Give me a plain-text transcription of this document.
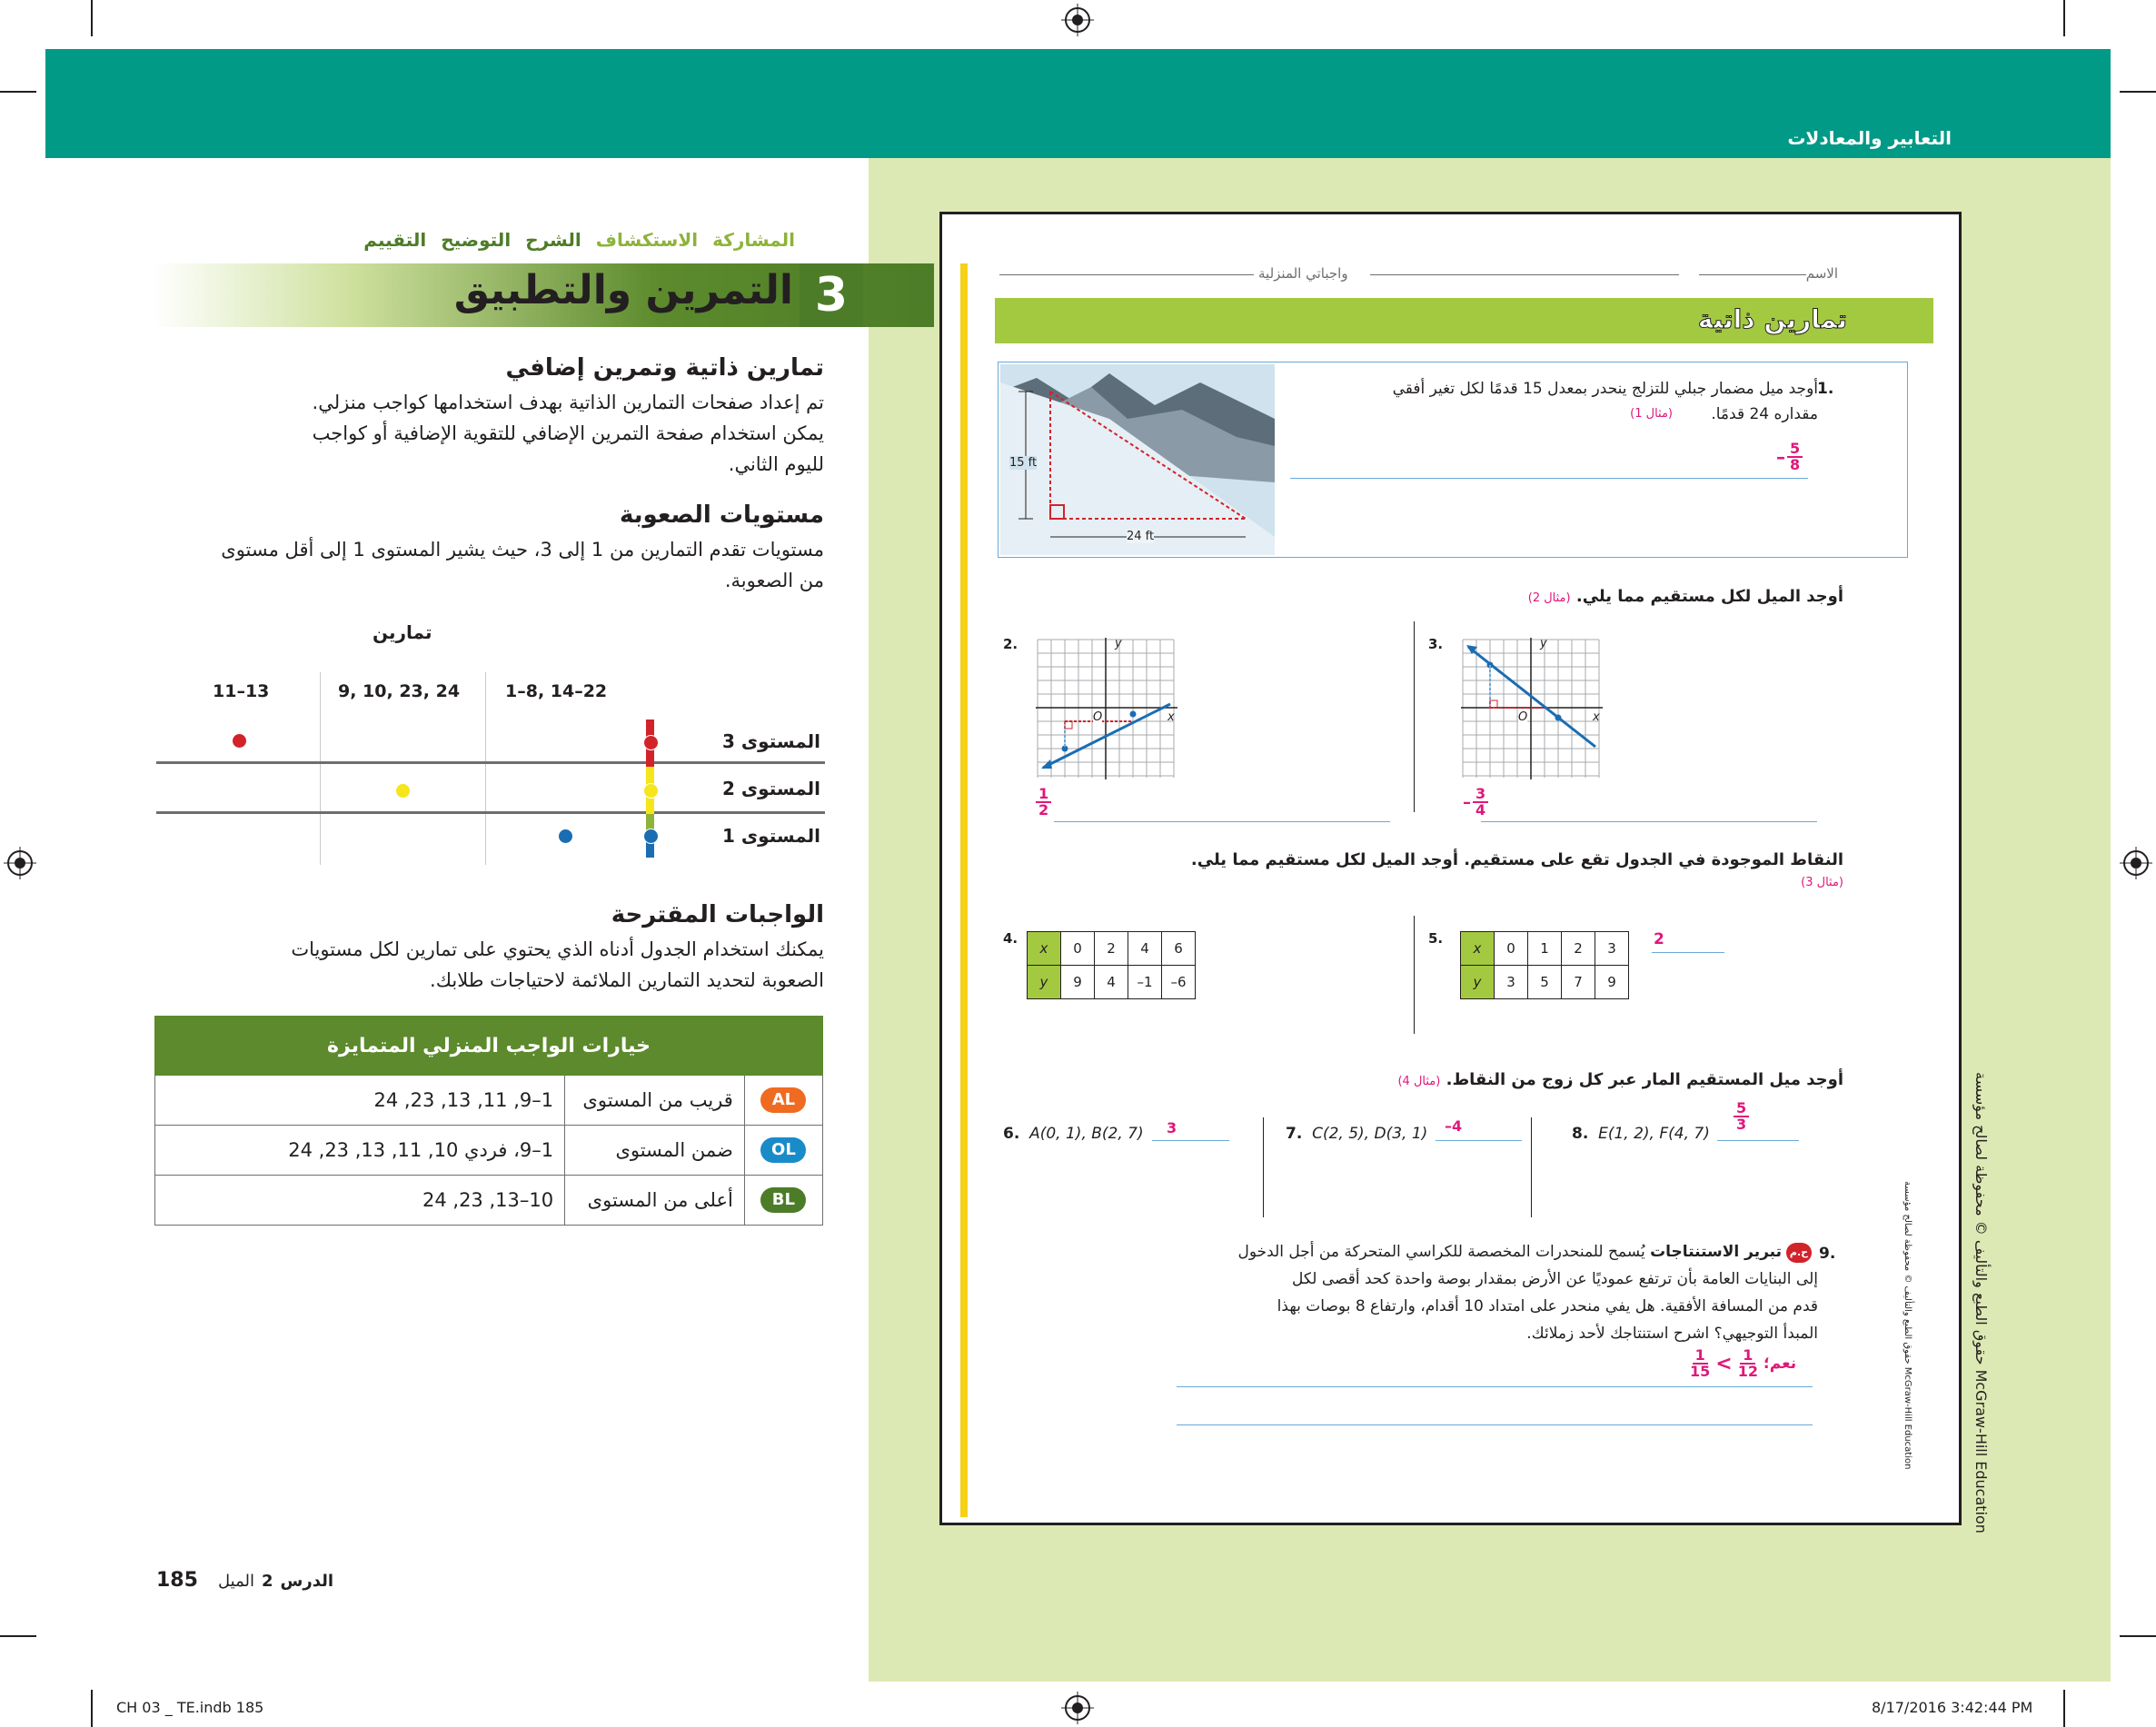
التعابير والمعادلات
حقوق الطبع والتأليف © محفوظة لصالح مؤسسة McGraw-Hill Education
حقوق الطبع والتأليف © محفوظة لصالح مؤسسة McGraw-Hill Education
الاسم
واجباتي المنزلية
تمارين ذاتية
15 ft
24 ft
1.
أوجد ميل مضمار جبلي للتزلج ينحدر بمعدل 15 قدمًا لكل تغير أفقي
مقداره 24 قدمًا.
(مثال 1)
– $\frac{5}{8}$
أوجد الميل لكل مستقيم مما يلي. (مثال 2)
2.	y
x
O
$\frac{1}{2}$
3.	y
x
O
– $\frac{3}{4}$
النقاط الموجودة في الجدول تقع على مستقيم. أوجد الميل لكل مستقيم مما يلي.
(مثال 3)
4.
x	0	2	4	6
y	9	4	–1	–6
5.
x	0	1	2	3
y	3	5	7	9
2
أوجد ميل المستقيم المار عبر كل زوج من النقاط. (مثال 4)
6. A(0, 1), B(2, 7) 3	7. C(2, 5), D(3, 1) –4	8. E(1, 2), F(4, 7)
$\frac{5}{3}$
9.
ح.م
تبرير الاستنتاجات يُسمح للمنحدرات المخصصة للكراسي المتحركة من أجل الدخول
إلى البنايات العامة بأن ترتفع عموديًا عن الأرض بمقدار بوصة واحدة كحد أقصى لكل
قدم من المسافة الأفقية. هل يفي منحدر على امتداد 10 أقدام، وارتفاع 8 بوصات بهذا
المبدأ التوجيهي؟ اشرح استنتاجك لأحد زملائك.
$\frac{1}{15} < \frac{1}{12}$ نعم؛
المشاركة
الاستكشاف
الشرح
التوضيح
التقييم
3
التمرين والتطبيق
تمارين ذاتية وتمرين إضافي
تم إعداد صفحات التمارين الذاتية بهدف استخدامها كواجب منزلي.
يمكن استخدام صفحة التمرين الإضافي للتقوية الإضافية أو كواجب
لليوم الثاني.
مستويات الصعوبة
مستويات تقدم التمارين من 1 إلى 3، حيث يشير المستوى 1 إلى أقل مستوى
من الصعوبة.
تمارين
1–8, 14–22
9, 10, 23, 24
11–13
المستوى 3
المستوى 2
المستوى 1
الواجبات المقترحة
يمكنك استخدام الجدول أدناه الذي يحتوي على تمارين لكل مستويات
الصعوبة لتحديد التمارين الملائمة لاحتياجات طلابك.
خيارات الواجب المنزلي المتمايزة		
1–9, 11, 13, 23, 24	قريب من المستوى	AL
1–9، فردي 10, 11, 13, 23, 24	ضمن المستوى	OL
10–13, 23, 24	أعلى من المستوى	BL
185	الدرس
2
الميل
CH 03 _ TE.indb 185	8/17/2016 3:42:44 PM
